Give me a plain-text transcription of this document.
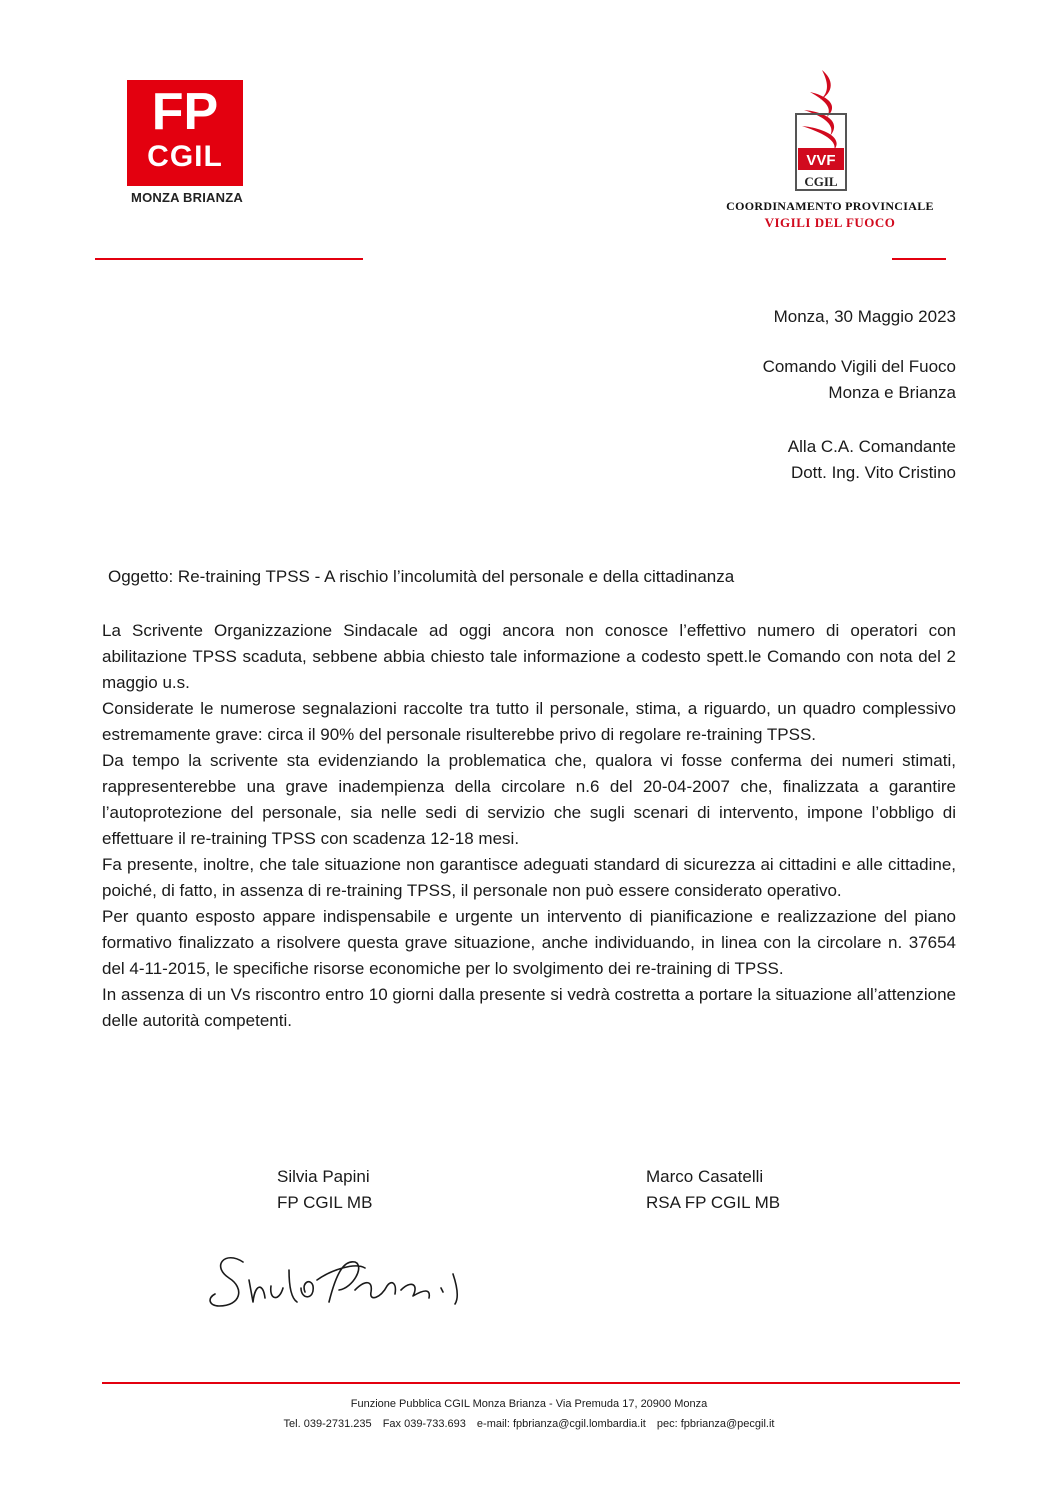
FP
CGIL
MONZA BRIANZA
VVF
CGIL
COORDINAMENTO PROVINCIALE
VIGILI DEL FUOCO
Monza, 30 Maggio 2023
Comando Vigili del Fuoco
Monza e Brianza
Alla C.A. Comandante
Dott. Ing. Vito Cristino
Oggetto: Re-training TPSS - A rischio l’incolumità del personale e della cittadinanza

La Scrivente Organizzazione Sindacale ad oggi ancora non conosce l’effettivo numero di operatori con abilitazione TPSS scaduta, sebbene abbia chiesto tale informazione a codesto spett.le Comando con nota del 2 maggio u.s.

Considerate le numerose segnalazioni raccolte tra tutto il personale, stima, a riguardo, un quadro complessivo estremamente grave: circa il 90% del personale risulterebbe privo di regolare re-training TPSS.

Da tempo la scrivente sta evidenziando la problematica che, qualora vi fosse conferma dei numeri stimati, rappresenterebbe una grave inadempienza della circolare n.6 del 20-04-2007 che, finalizzata a garantire l’autoprotezione del personale, sia nelle sedi di servizio che sugli scenari di intervento, impone l’obbligo di effettuare il re-training TPSS con scadenza 12-18 mesi.

Fa presente, inoltre, che tale situazione non garantisce adeguati standard di sicurezza ai cittadini e alle cittadine, poiché, di fatto, in assenza di re-training TPSS, il personale non può essere considerato operativo.

Per quanto esposto appare indispensabile e urgente un intervento di pianificazione e realizzazione del piano formativo finalizzato a risolvere questa grave situazione, anche individuando, in linea con la circolare n. 37654 del 4-11-2015, le specifiche risorse economiche per lo svolgimento dei re-training di TPSS.

In assenza di un Vs riscontro entro 10 giorni dalla presente si vedrà costretta a portare la situazione all’attenzione delle autorità competenti.

Silvia Papini
FP CGIL MB
Marco Casatelli
RSA FP CGIL MB
Funzione Pubblica CGIL Monza Brianza - Via Premuda 17, 20900 Monza
Tel. 039-2731.235 Fax 039-733.693 e-mail: fpbrianza@cgil.lombardia.it pec: fpbrianza@pecgil.it
